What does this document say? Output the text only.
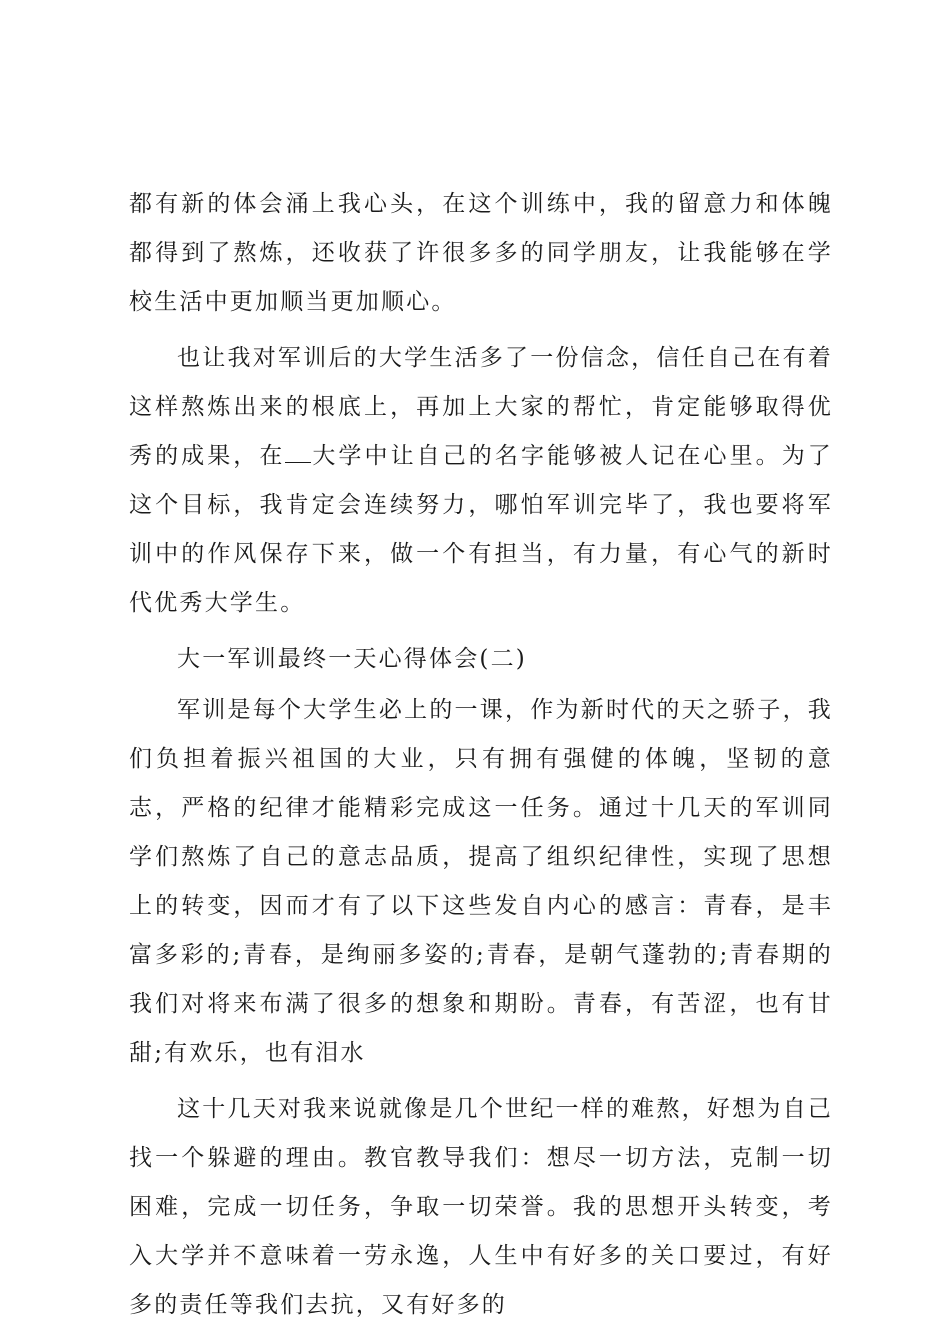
都有新的体会涌上我心头，在这个训练中，我的留意力和体魄都得到了熬炼，还收获了许很多多的同学朋友，让我能够在学校生活中更加顺当更加顺心。

也让我对军训后的大学生活多了一份信念，信任自己在有着这样熬炼出来的根底上，再加上大家的帮忙，肯定能够取得优秀的成果，在 大学中让自己的名字能够被人记在心里。为了这个目标，我肯定会连续努力，哪怕军训完毕了，我也要将军训中的作风保存下来，做一个有担当，有力量，有心气的新时代优秀大学生。

大一军训最终一天心得体会(二)

军训是每个大学生必上的一课，作为新时代的天之骄子，我们负担着振兴祖国的大业，只有拥有强健的体魄，坚韧的意志，严格的纪律才能精彩完成这一任务。通过十几天的军训同学们熬炼了自己的意志品质，提高了组织纪律性，实现了思想上的转变，因而才有了以下这些发自内心的感言：青春，是丰富多彩的;青春，是绚丽多姿的;青春，是朝气蓬勃的;青春期的我们对将来布满了很多的想象和期盼。青春，有苦涩，也有甘甜;有欢乐，也有泪水

这十几天对我来说就像是几个世纪一样的难熬，好想为自己找一个躲避的理由。教官教导我们：想尽一切方法，克制一切困难，完成一切任务，争取一切荣誉。我的思想开头转变，考入大学并不意味着一劳永逸，人生中有好多的关口要过，有好多的责任等我们去抗，又有好多的
